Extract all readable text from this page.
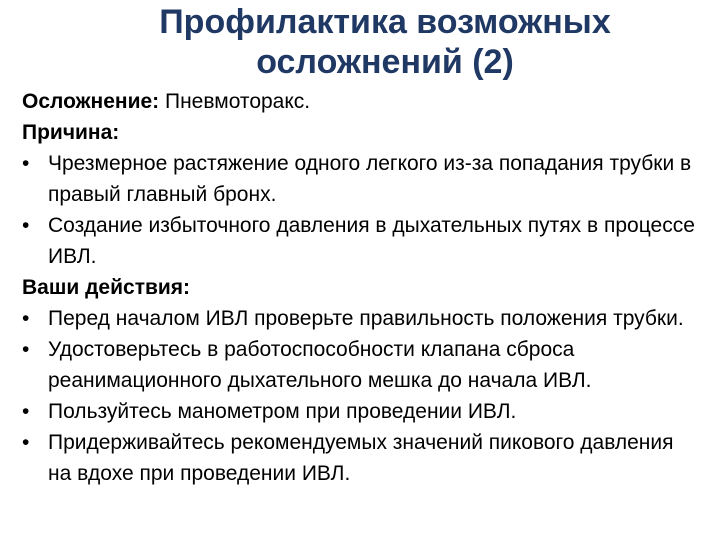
Профилактика возможных
осложнений (2)

Осложнение: Пневмоторакс.

Причина:

• Чрезмерное растяжение одного легкого из-за попадания трубки в правый главный бронх.

• Создание избыточного давления в дыхательных путях в процессе ИВЛ.

Ваши действия:

• Перед началом ИВЛ проверьте правильность положения трубки.

• Удостоверьтесь в работоспособности клапана сброса реанимационного дыхательного мешка до начала ИВЛ.

• Пользуйтесь манометром при проведении ИВЛ.

• Придерживайтесь рекомендуемых значений пикового давления на вдохе при проведении ИВЛ.
